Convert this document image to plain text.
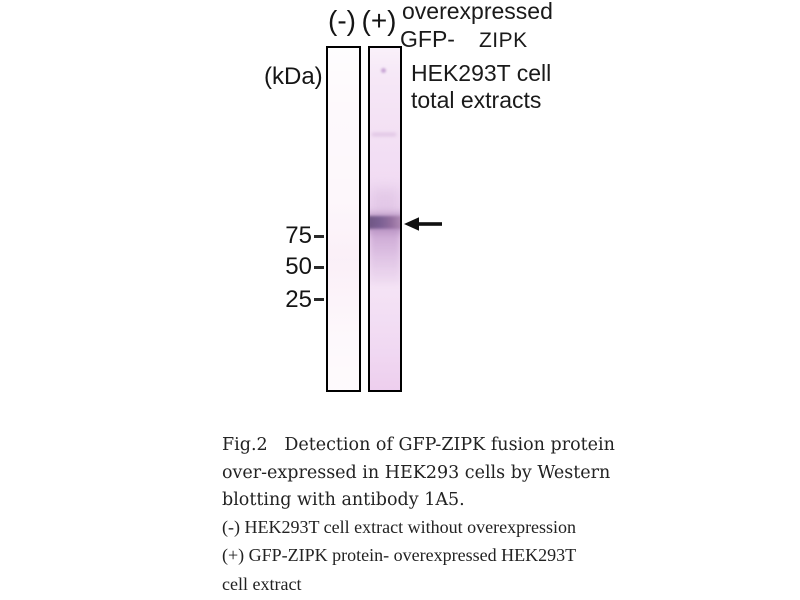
(-) (+) overexpressed
GFP- ZIPK
(kDa)	HEK293T cell
total extracts
75
50
25
Fig.2   Detection of GFP-ZIPK fusion protein
over-expressed in HEK293 cells by Western
blotting with antibody 1A5.
(-) HEK293T cell extract without overexpression
(+) GFP-ZIPK protein- overexpressed HEK293T
cell extract
